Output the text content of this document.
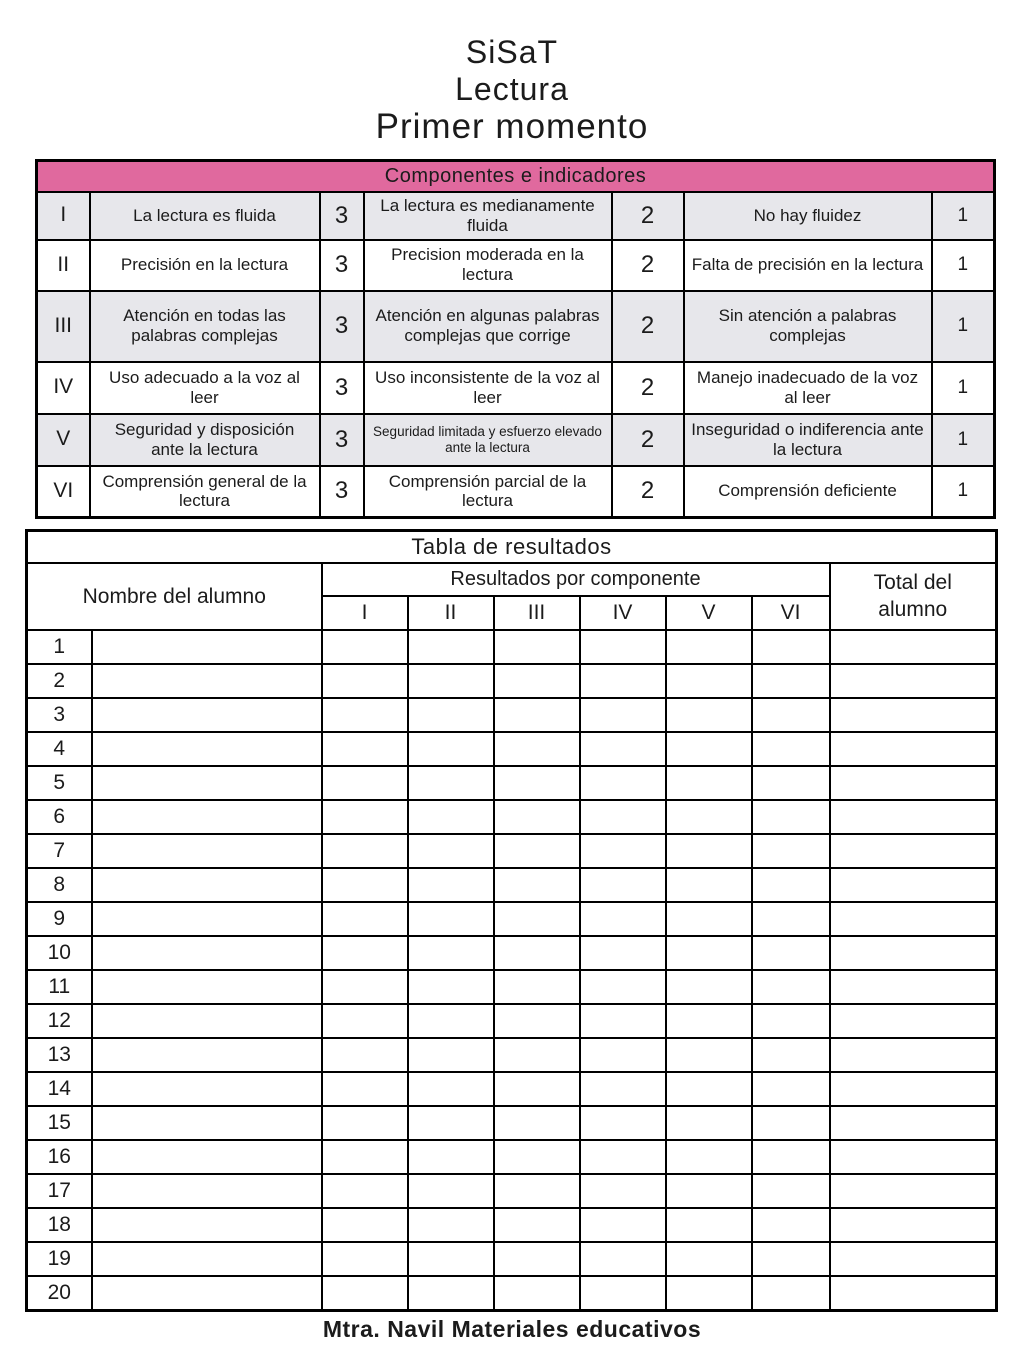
SiSaT
Lectura
Primer momento
Componentes e indicadores						
I	La lectura es fluida	3	La lectura es medianamente fluida	2	No hay fluidez	1
II	Precisión en la lectura	3	Precision moderada en la lectura	2	Falta de precisión en la lectura	1
III	Atención en todas las palabras complejas	3	Atención en algunas palabras complejas que corrige	2	Sin atención a palabras complejas	1
IV	Uso adecuado a la voz al leer	3	Uso inconsistente de la voz al leer	2	Manejo inadecuado de la voz al leer	1
V	Seguridad y disposición ante la lectura	3	Seguridad limitada y esfuerzo elevado ante la lectura	2	Inseguridad o indiferencia ante la lectura	1
VI	Comprensión general de la lectura	3	Comprensión parcial de la lectura	2	Comprensión deficiente	1
Tabla de resultados								
Nombre del alumno		Resultados por componente						Total del alumno
		I	II	III	IV	V	VI	
1								
2								
3								
4								
5								
6								
7								
8								
9								
10								
11								
12								
13								
14								
15								
16								
17								
18								
19								
20								
Mtra. Navil Materiales educativos
